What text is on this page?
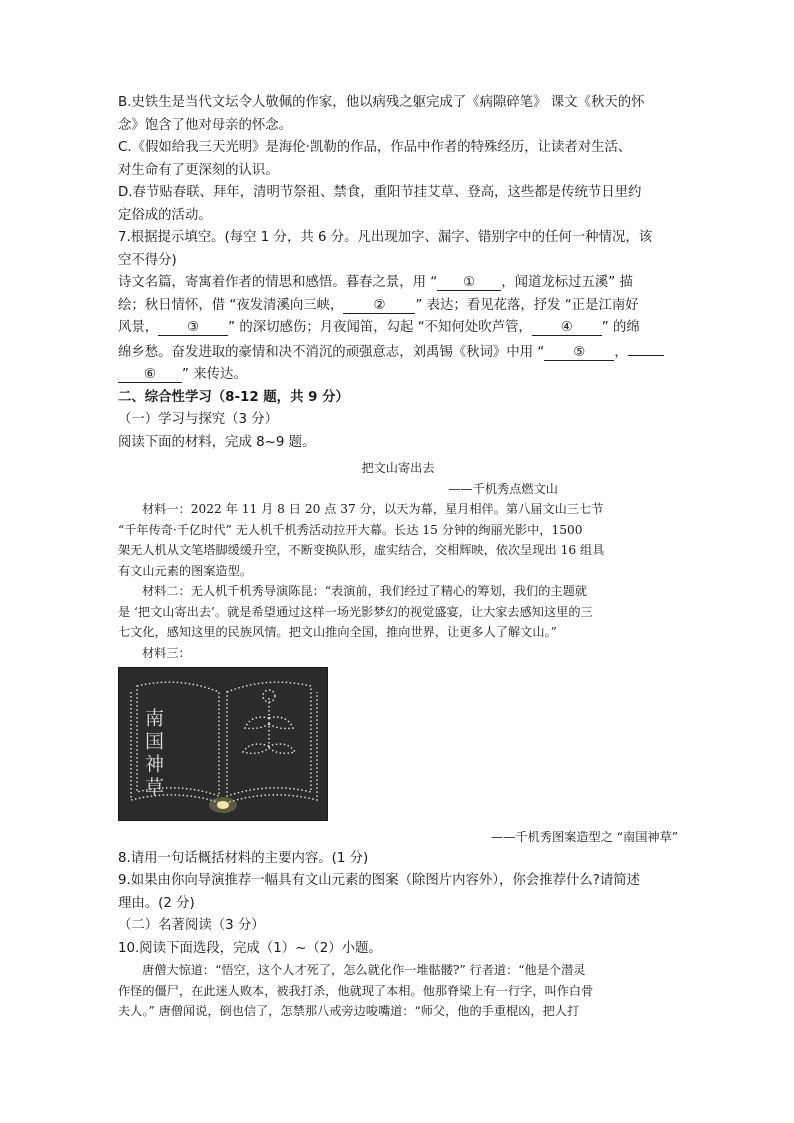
B.史铁生是当代文坛令人敬佩的作家，他以病残之躯完成了《病隙碎笔》 课文《秋天的怀

念》饱含了他对母亲的怀念。

C.《假如给我三天光明》是海伦·凯勒的作品，作品中作者的特殊经历，让读者对生活、

对生命有了更深刻的认识。

D.春节贴春联、拜年，清明节祭祖、禁食，重阳节挂艾草、登高，这些都是传统节日里约

定俗成的活动。

7.根据提示填空。(每空 1 分，共 6 分。凡出现加字、漏字、错别字中的任何一种情况，该

空不得分)

诗文名篇，寄寓着作者的情思和感悟。暮春之景，用 “ ① ，闻道龙标过五溪” 描

绘；秋日情怀，借 “夜发清溪向三峡， ② ” 表达；看见花落，抒发 “正是江南好

风景， ③ ” 的深切感伤；月夜闻笛，勾起 “不知何处吹芦管， ④ ” 的绵

绵乡愁。奋发进取的豪情和决不消沉的顽强意志，刘禹锡《秋词》中用 “ ⑤ ，

⑥ ” 来传达。

二、综合性学习（8-12 题，共 9 分）

（一）学习与探究（3 分）

阅读下面的材料，完成 8~9 题。

把文山寄出去

——千机秀点燃文山

材料一：2022 年 11 月 8 日 20 点 37 分，以天为幕，星月相伴。第八届文山三七节

“千年传奇·千亿时代” 无人机千机秀活动拉开大幕。长达 15 分钟的绚丽光影中，1500

架无人机从文笔塔脚缓缓升空，不断变换队形，虚实结合，交相辉映，依次呈现出 16 组具

有文山元素的图案造型。

材料二：无人机千机秀导演陈昆：“表演前，我们经过了精心的筹划，我们的主题就

是 ‘把文山寄出去’。就是希望通过这样一场光影梦幻的视觉盛宴，让大家去感知这里的三

七文化，感知这里的民族风情。把文山推向全国，推向世界，让更多人了解文山。”

材料三：

南国神草

——千机秀图案造型之 “南国神草”

8.请用一句话概括材料的主要内容。(1 分)

9.如果由你向导演推荐一幅具有文山元素的图案（除图片内容外），你会推荐什么?请简述

理由。(2 分)

（二）名著阅读（3 分）

10.阅读下面选段，完成（1）~（2）小题。

唐僧大惊道：“悟空，这个人才死了，怎么就化作一堆骷髅?” 行者道：“他是个潜灵

作怪的僵尸，在此迷人败本，被我打杀，他就现了本相。他那脊梁上有一行字，叫作白骨

夫人。” 唐僧闻说，倒也信了，怎禁那八戒旁边唆嘴道：“师父，他的手重棍凶，把人打
